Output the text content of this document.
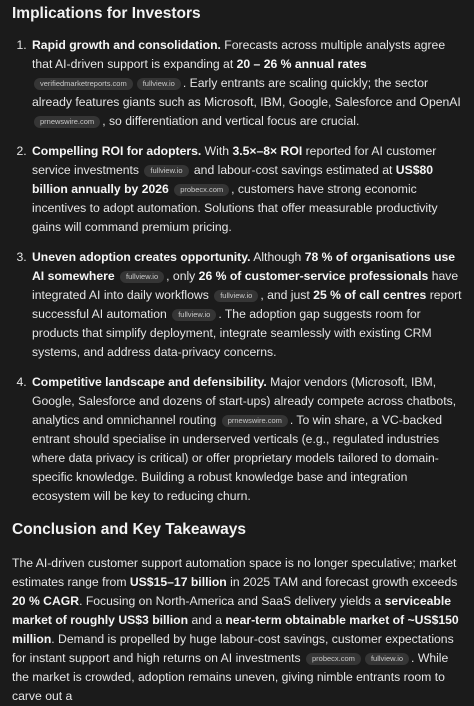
Implications for Investors
1. Rapid growth and consolidation. Forecasts across multiple analysts agree that AI-driven support is expanding at 20 – 26 % annual rates verifiedmarketreports.com fullview.io . Early entrants are scaling quickly; the sector already features giants such as Microsoft, IBM, Google, Salesforce and OpenAI prnewswire.com , so differentiation and vertical focus are crucial.
2. Compelling ROI for adopters. With 3.5×–8× ROI reported for AI customer service investments fullview.io and labour-cost savings estimated at US$80 billion annually by 2026 probecx.com , customers have strong economic incentives to adopt automation. Solutions that offer measurable productivity gains will command premium pricing.
3. Uneven adoption creates opportunity. Although 78 % of organisations use AI somewhere fullview.io , only 26 % of customer-service professionals have integrated AI into daily workflows fullview.io , and just 25 % of call centres report successful AI automation fullview.io . The adoption gap suggests room for products that simplify deployment, integrate seamlessly with existing CRM systems, and address data-privacy concerns.
4. Competitive landscape and defensibility. Major vendors (Microsoft, IBM, Google, Salesforce and dozens of start-ups) already compete across chatbots, analytics and omnichannel routing prnewswire.com . To win share, a VC-backed entrant should specialise in underserved verticals (e.g., regulated industries where data privacy is critical) or offer proprietary models tailored to domain-specific knowledge. Building a robust knowledge base and integration ecosystem will be key to reducing churn.
Conclusion and Key Takeaways

The AI-driven customer support automation space is no longer speculative; market estimates range from US$15–17 billion in 2025 TAM and forecast growth exceeds 20 % CAGR. Focusing on North-America and SaaS delivery yields a serviceable market of roughly US$3 billion and a near-term obtainable market of ~US$150 million. Demand is propelled by huge labour-cost savings, customer expectations for instant support and high returns on AI investments probecx.com fullview.io . While the market is crowded, adoption remains uneven, giving nimble entrants room to carve out a
